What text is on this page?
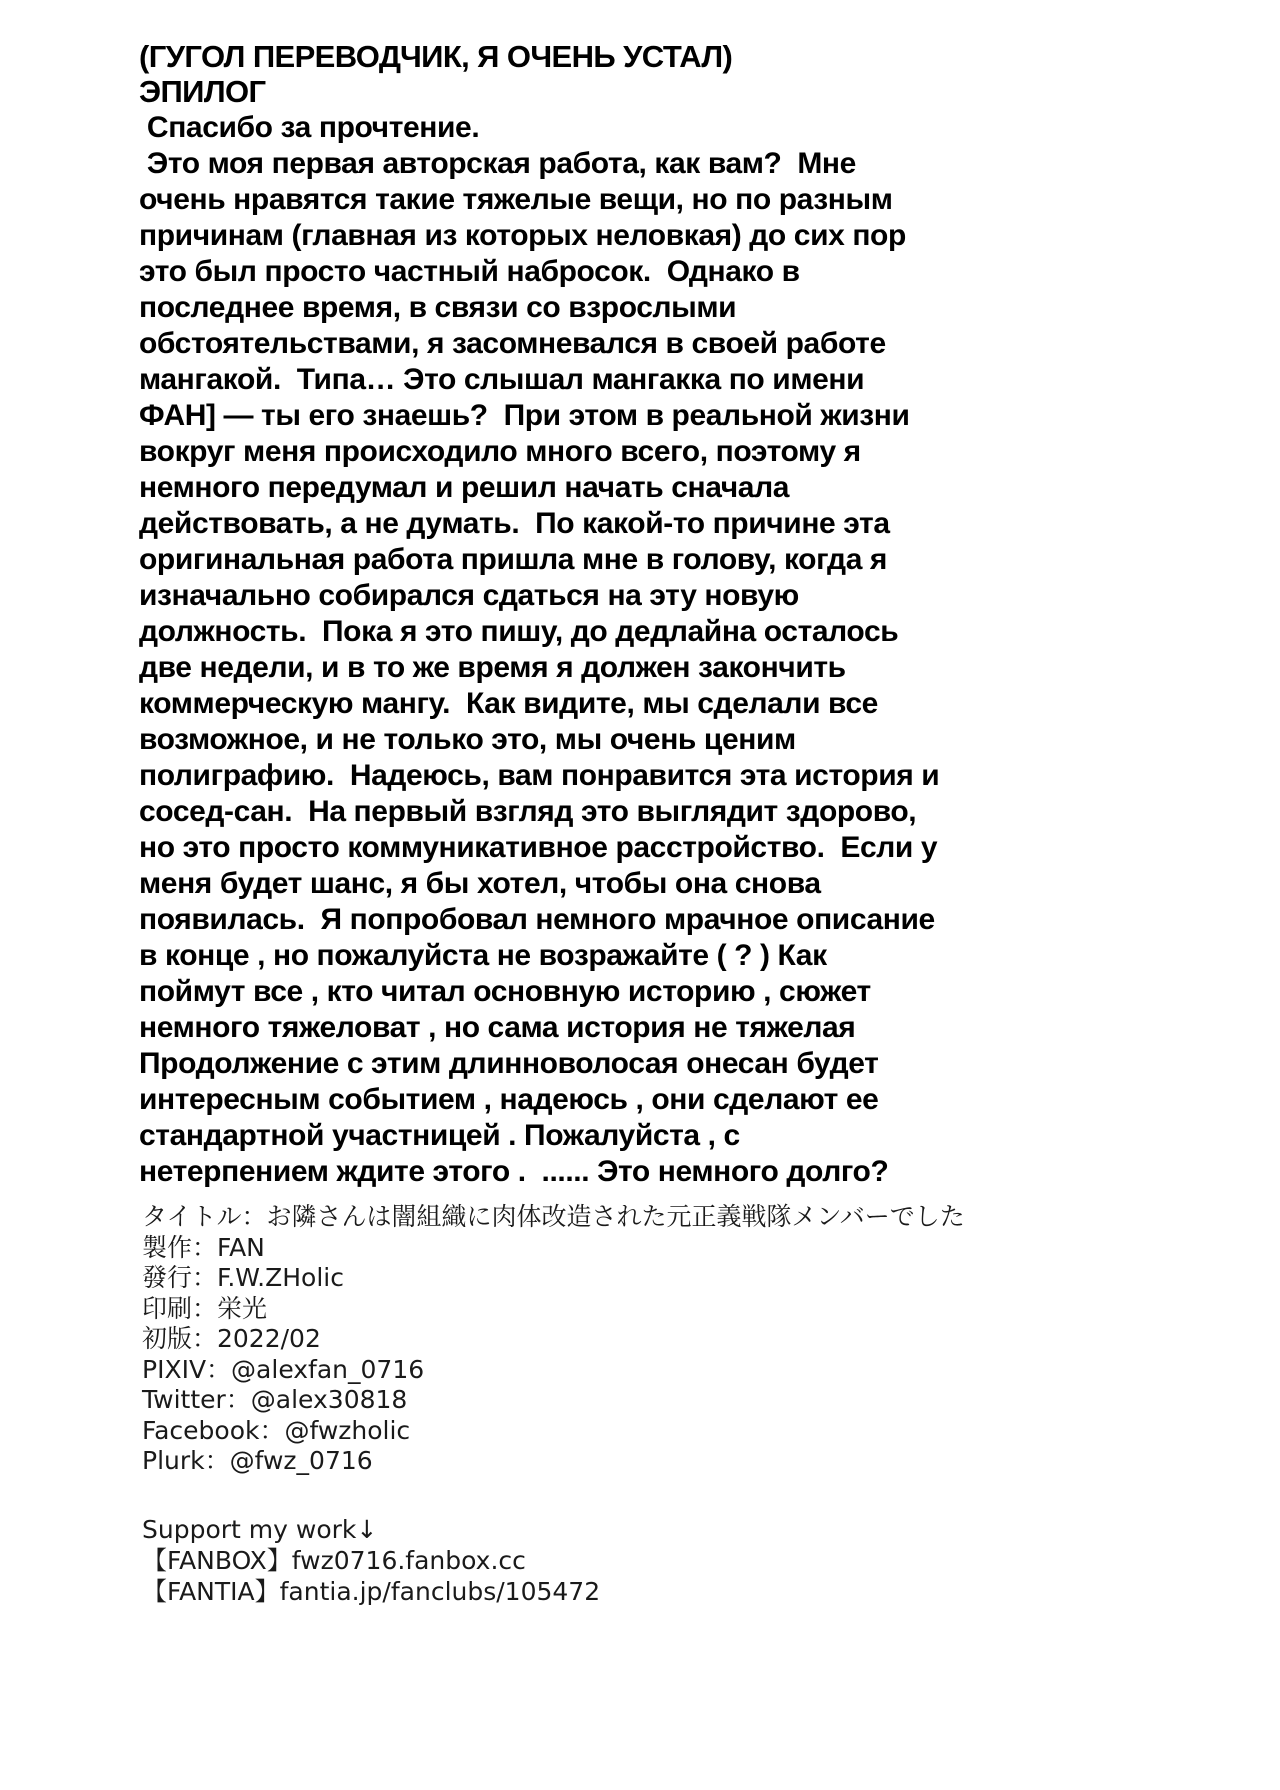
(ГУГОЛ ПЕРЕВОДЧИК, Я ОЧЕНЬ УСТАЛ)
ЭПИЛОГ
Спасибо за прочтение.
Это моя первая авторская работа, как вам?  Мне
очень нравятся такие тяжелые вещи, но по разным
причинам (главная из которых неловкая) до сих пор
это был просто частный набросок.  Однако в
последнее время, в связи со взрослыми
обстоятельствами, я засомневался в своей работе
мангакой.  Типа… Это слышал мангакка по имени
ФАН] — ты его знаешь?  При этом в реальной жизни
вокруг меня происходило много всего, поэтому я
немного передумал и решил начать сначала
действовать, а не думать.  По какой-то причине эта
оригинальная работа пришла мне в голову, когда я
изначально собирался сдаться на эту новую
должность.  Пока я это пишу, до дедлайна осталось
две недели, и в то же время я должен закончить
коммерческую мангу.  Как видите, мы сделали все
возможное, и не только это, мы очень ценим
полиграфию.  Надеюсь, вам понравится эта история и
сосед-сан.  На первый взгляд это выглядит здорово,
но это просто коммуникативное расстройство.  Если у
меня будет шанс, я бы хотел, чтобы она снова
появилась.  Я попробовал немного мрачное описание
в конце , но пожалуйста не возражайте ( ? ) Как
поймут все , кто читал основную историю , сюжет
немного тяжеловат , но сама история не тяжелая
Продолжение с этим длинноволосая онесан будет
интересным событием , надеюсь , они сделают ее
стандартной участницей . Пожалуйста , с
нетерпением ждите этого .  ...... Это немного долго?
タイトル：お隣さんは闇組織に肉体改造された元正義戦隊メンバーでした
製作：FAN
發行：F.W.ZHolic
印刷：栄光
初版：2022/02
PIXIV：@alexfan_0716
Twitter：@alex30818
Facebook：@fwzholic
Plurk：@fwz_0716
Support my work↓
【FANBOX】fwz0716.fanbox.cc
【FANTIA】fantia.jp/fanclubs/105472
